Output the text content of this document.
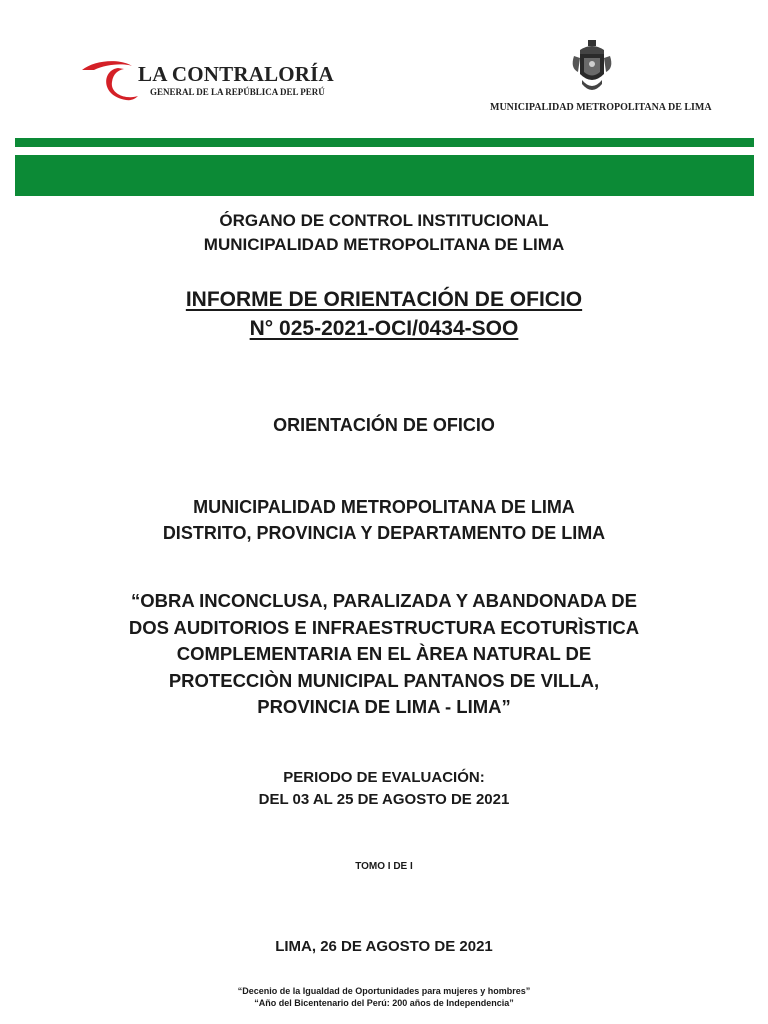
LA CONTRALORÍA
GENERAL DE LA REPÚBLICA DEL PERÚ
MUNICIPALIDAD METROPOLITANA DE LIMA
ÓRGANO DE CONTROL INSTITUCIONAL
MUNICIPALIDAD METROPOLITANA DE LIMA
INFORME DE ORIENTACIÓN DE OFICIO
N° 025-2021-OCI/0434-SOO
ORIENTACIÓN DE OFICIO
MUNICIPALIDAD METROPOLITANA DE LIMA
DISTRITO, PROVINCIA Y DEPARTAMENTO DE LIMA
“OBRA INCONCLUSA, PARALIZADA Y ABANDONADA DE
DOS AUDITORIOS E INFRAESTRUCTURA ECOTURÌSTICA
COMPLEMENTARIA EN EL ÀREA NATURAL DE
PROTECCIÒN MUNICIPAL PANTANOS DE VILLA,
PROVINCIA DE LIMA - LIMA”
PERIODO DE EVALUACIÓN:
DEL 03 AL 25 DE AGOSTO DE 2021
TOMO I DE I
LIMA, 26 DE AGOSTO DE 2021
“Decenio de la Igualdad de Oportunidades para mujeres y hombres”
“Año del Bicentenario del Perú: 200 años de Independencia”
